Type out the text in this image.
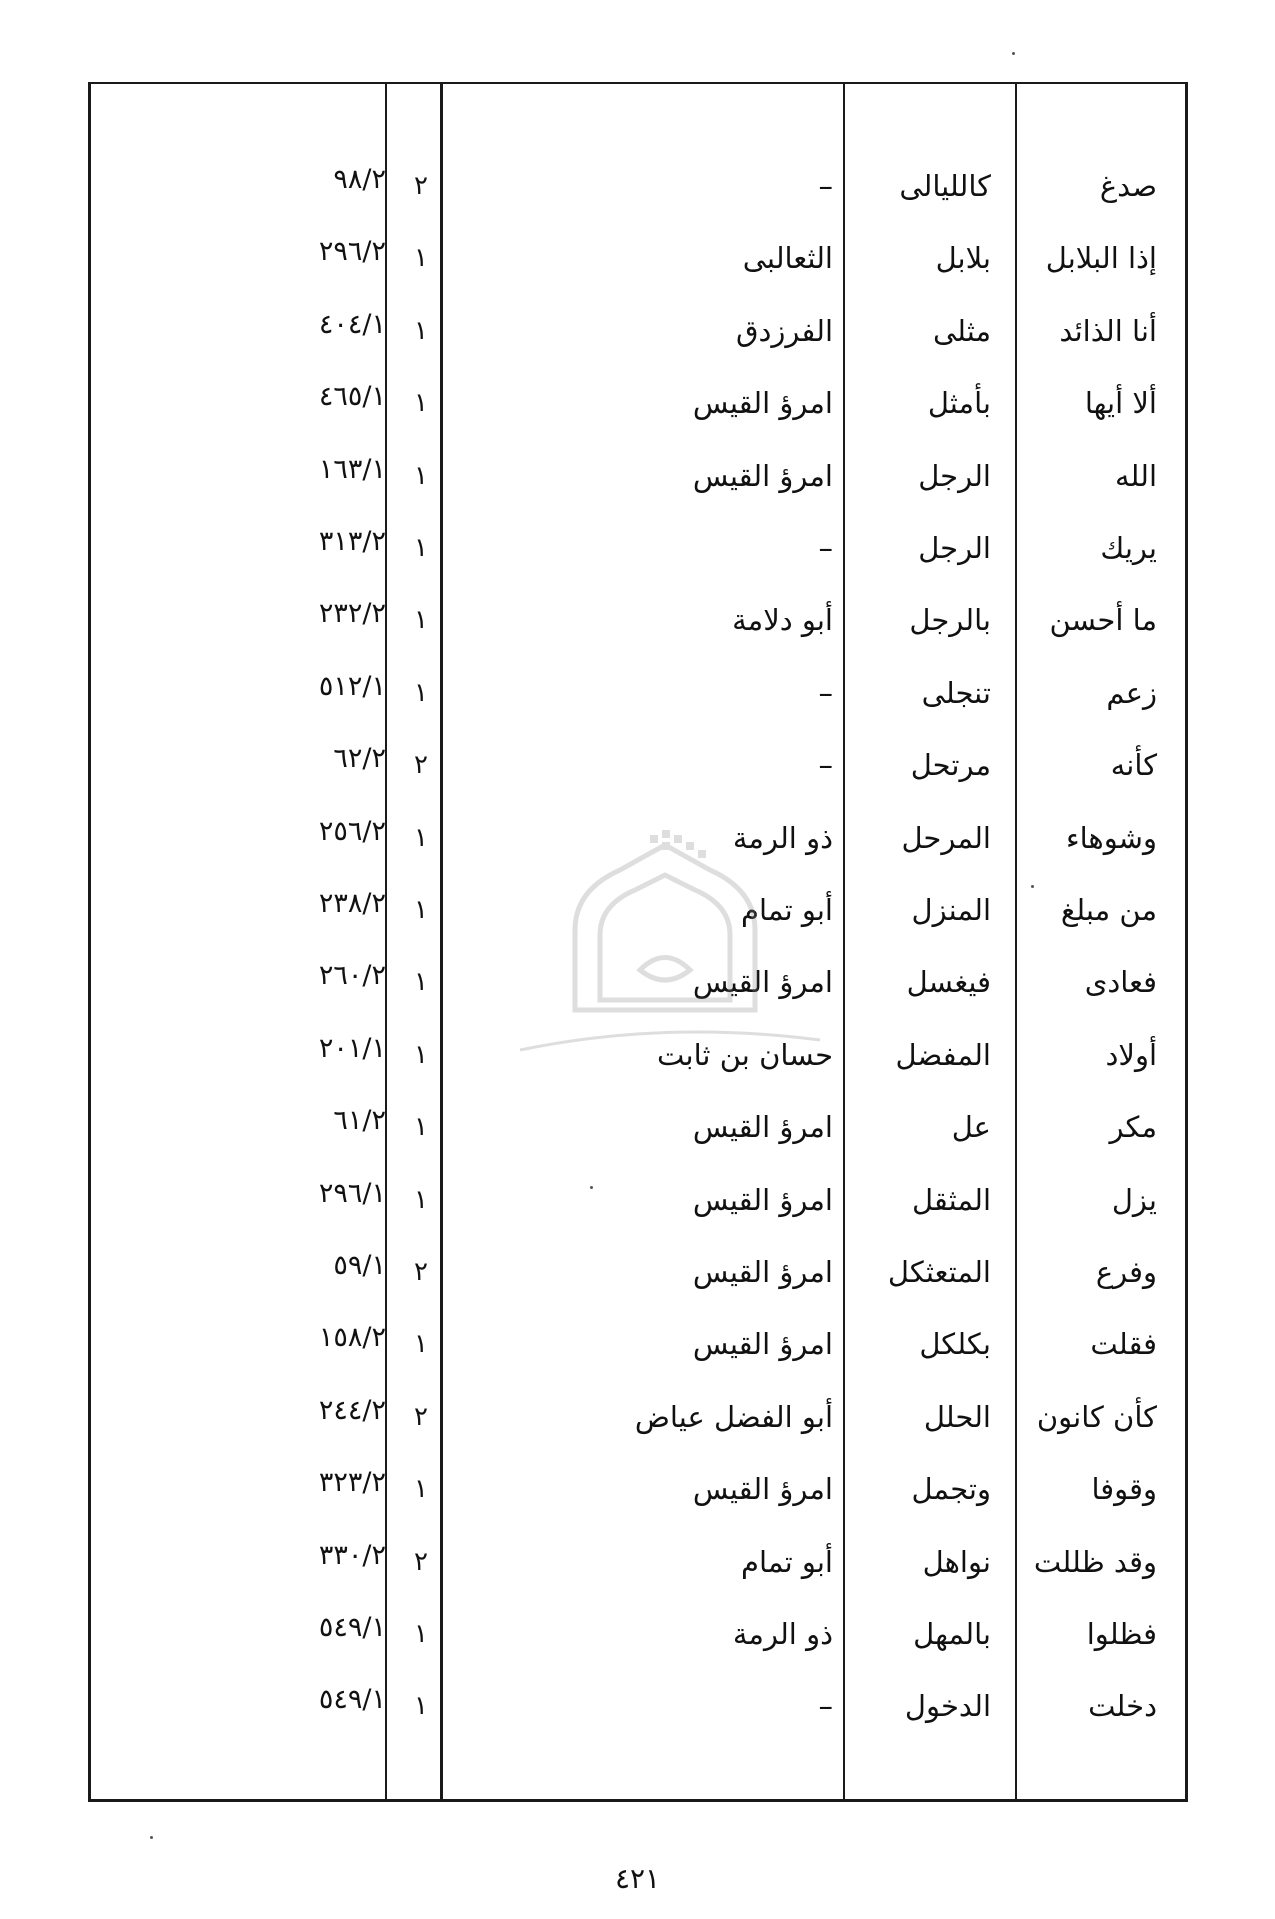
صدغ
كالليالى
–
٢
٩٨/٢
إذا البلابل
بلابل
الثعالبى
١
٢٩٦/٢
أنا الذائد
مثلى
الفرزدق
١
٤٠٤/١
ألا أيها
بأمثل
امرؤ القيس
١
٤٦٥/١
الله
الرجل
امرؤ القيس
١
١٦٣/١
يريك
الرجل
–
١
٣١٣/٢
ما أحسن
بالرجل
أبو دلامة
١
٢٣٢/٢
زعم
تنجلى
–
١
٥١٢/١
كأنه
مرتحل
–
٢
٦٢/٢
وشوهاء
المرحل
ذو الرمة
١
٢٥٦/٢
من مبلغ
المنزل
أبو تمام
١
٢٣٨/٢
فعادى
فيغسل
امرؤ القيس
١
٢٦٠/٢
أولاد
المفضل
حسان بن ثابت
١
٢٠١/١
مكر
عل
امرؤ القيس
١
٦١/٢
يزل
المثقل
امرؤ القيس
١
٢٩٦/١
وفرع
المتعثكل
امرؤ القيس
٢
٥٩/١
فقلت
بكلكل
امرؤ القيس
١
١٥٨/٢
كأن كانون
الحلل
أبو الفضل عياض
٢
٢٤٤/٢
وقوفا
وتجمل
امرؤ القيس
١
٣٢٣/٢
وقد ظللت
نواهل
أبو تمام
٢
٣٣٠/٢
فظلوا
بالمهل
ذو الرمة
١
٥٤٩/١
دخلت
الدخول
–
١
٥٤٩/١
٤٢١
